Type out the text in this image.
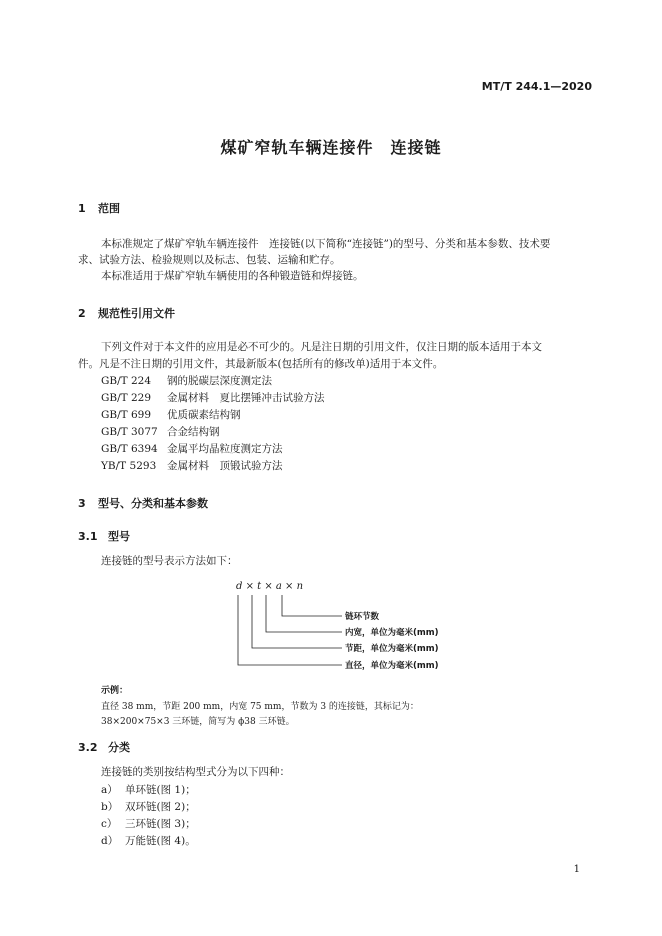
MT/T 244.1—2020
煤矿窄轨车辆连接件　连接链
1 范围
本标准规定了煤矿窄轨车辆连接件　连接链(以下简称“连接链”)的型号、分类和基本参数、技术要
求、试验方法、检验规则以及标志、包装、运输和贮存。
本标准适用于煤矿窄轨车辆使用的各种锻造链和焊接链。
2 规范性引用文件
下列文件对于本文件的应用是必不可少的。凡是注日期的引用文件，仅注日期的版本适用于本文
件。凡是不注日期的引用文件，其最新版本(包括所有的修改单)适用于本文件。
GB/T 224 钢的脱碳层深度测定法
GB/T 229 金属材料　夏比摆锤冲击试验方法
GB/T 699 优质碳素结构钢
GB/T 3077 合金结构钢
GB/T 6394 金属平均晶粒度测定方法
YB/T 5293 金属材料　顶锻试验方法
3 型号、分类和基本参数
3.1 型号
连接链的型号表示方法如下：
d × t × a × n
链环节数
内宽，单位为毫米(mm)
节距，单位为毫米(mm)
直径，单位为毫米(mm)
示例：
直径 38 mm，节距 200 mm，内宽 75 mm，节数为 3 的连接链，其标记为：
38×200×75×3 三环链，简写为 ϕ38 三环链。
3.2 分类
连接链的类别按结构型式分为以下四种：
a） 单环链(图 1)；
b） 双环链(图 2)；
c） 三环链(图 3)；
d） 万能链(图 4)。
1
